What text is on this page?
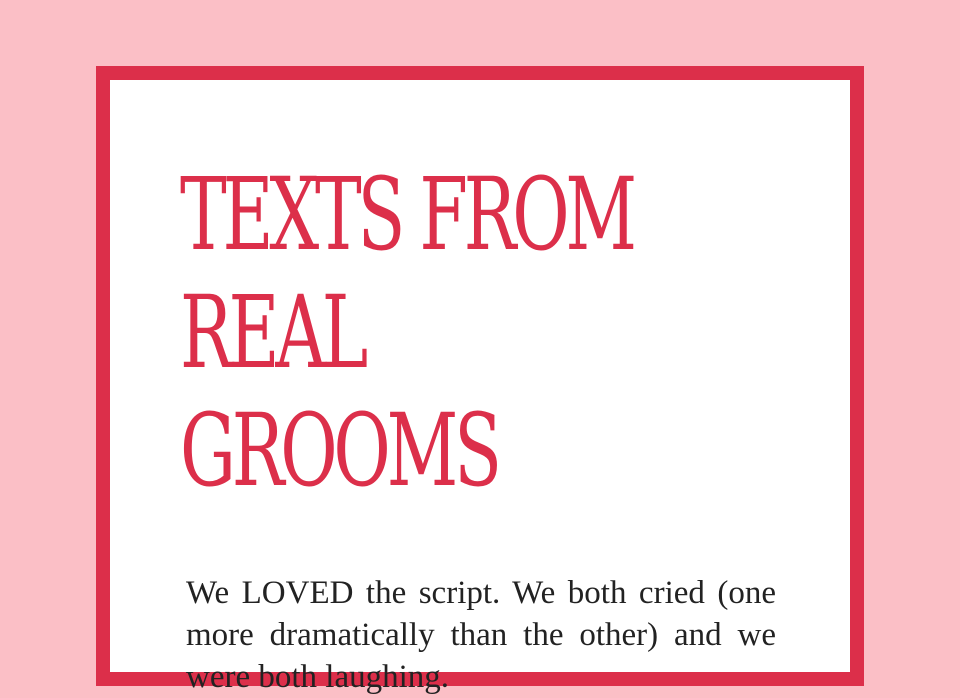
TEXTS FROM
REAL
GROOMS

We LOVED the script. We both cried (one more dramatically than the other) and we were both laughing.
